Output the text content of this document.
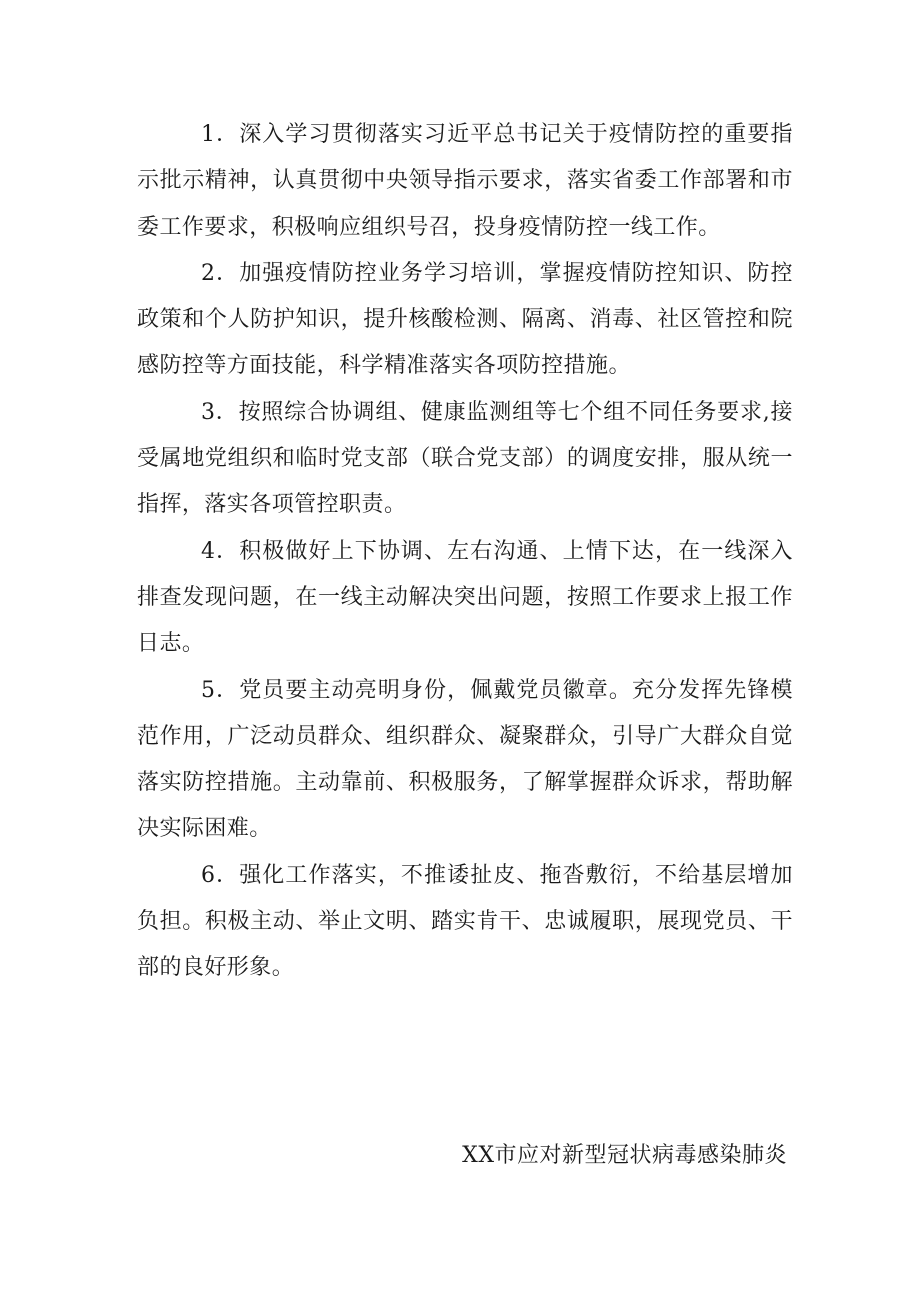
1．深入学习贯彻落实习近平总书记关于疫情防控的重要指示批示精神，认真贯彻中央领导指示要求，落实省委工作部署和市委工作要求，积极响应组织号召，投身疫情防控一线工作。

2．加强疫情防控业务学习培训，掌握疫情防控知识、防控政策和个人防护知识，提升核酸检测、隔离、消毒、社区管控和院感防控等方面技能，科学精准落实各项防控措施。

3．按照综合协调组、健康监测组等七个组不同任务要求,接受属地党组织和临时党支部（联合党支部）的调度安排，服从统一指挥，落实各项管控职责。

4．积极做好上下协调、左右沟通、上情下达，在一线深入排查发现问题，在一线主动解决突出问题，按照工作要求上报工作日志。

5．党员要主动亮明身份，佩戴党员徽章。充分发挥先锋模范作用，广泛动员群众、组织群众、凝聚群众，引导广大群众自觉落实防控措施。主动靠前、积极服务，了解掌握群众诉求，帮助解决实际困难。

6．强化工作落实，不推诿扯皮、拖沓敷衍，不给基层增加负担。积极主动、举止文明、踏实肯干、忠诚履职，展现党员、干部的良好形象。

XX市应对新型冠状病毒感染肺炎
